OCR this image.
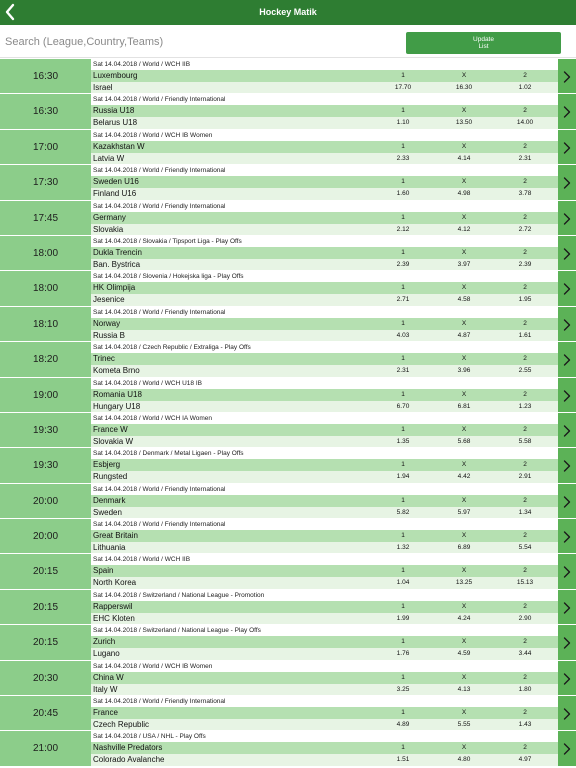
Hockey Matik
Search (League,Country,Teams)
Update
List
16:30
Sat 14.04.2018 / World / WCH IIB
Luxembourg	1	X	2
Israel	17.70	16.30	1.02
16:30
Sat 14.04.2018 / World / Friendly International
Russia U18	1	X	2
Belarus U18	1.10	13.50	14.00
17:00
Sat 14.04.2018 / World / WCH IB Women
Kazakhstan W	1	X	2
Latvia W	2.33	4.14	2.31
17:30
Sat 14.04.2018 / World / Friendly International
Sweden U16	1	X	2
Finland U16	1.60	4.98	3.78
17:45
Sat 14.04.2018 / World / Friendly International
Germany	1	X	2
Slovakia	2.12	4.12	2.72
18:00
Sat 14.04.2018 / Slovakia / Tipsport Liga - Play Offs
Dukla Trencin	1	X	2
Ban. Bystrica	2.39	3.97	2.39
18:00
Sat 14.04.2018 / Slovenia / Hokejska liga - Play Offs
HK Olimpija	1	X	2
Jesenice	2.71	4.58	1.95
18:10
Sat 14.04.2018 / World / Friendly International
Norway	1	X	2
Russia B	4.03	4.87	1.61
18:20
Sat 14.04.2018 / Czech Republic / Extraliga - Play Offs
Trinec	1	X	2
Kometa Brno	2.31	3.96	2.55
19:00
Sat 14.04.2018 / World / WCH U18 IB
Romania U18	1	X	2
Hungary U18	6.70	6.81	1.23
19:30
Sat 14.04.2018 / World / WCH IA Women
France W	1	X	2
Slovakia W	1.35	5.68	5.58
19:30
Sat 14.04.2018 / Denmark / Metal Ligaen - Play Offs
Esbjerg	1	X	2
Rungsted	1.94	4.42	2.91
20:00
Sat 14.04.2018 / World / Friendly International
Denmark	1	X	2
Sweden	5.82	5.97	1.34
20:00
Sat 14.04.2018 / World / Friendly International
Great Britain	1	X	2
Lithuania	1.32	6.89	5.54
20:15
Sat 14.04.2018 / World / WCH IIB
Spain	1	X	2
North Korea	1.04	13.25	15.13
20:15
Sat 14.04.2018 / Switzerland / National League - Promotion
Rapperswil	1	X	2
EHC Kloten	1.99	4.24	2.90
20:15
Sat 14.04.2018 / Switzerland / National League - Play Offs
Zurich	1	X	2
Lugano	1.76	4.59	3.44
20:30
Sat 14.04.2018 / World / WCH IB Women
China W	1	X	2
Italy W	3.25	4.13	1.80
20:45
Sat 14.04.2018 / World / Friendly International
France	1	X	2
Czech Republic	4.89	5.55	1.43
21:00
Sat 14.04.2018 / USA / NHL - Play Offs
Nashville Predators	1	X	2
Colorado Avalanche	1.51	4.80	4.97
